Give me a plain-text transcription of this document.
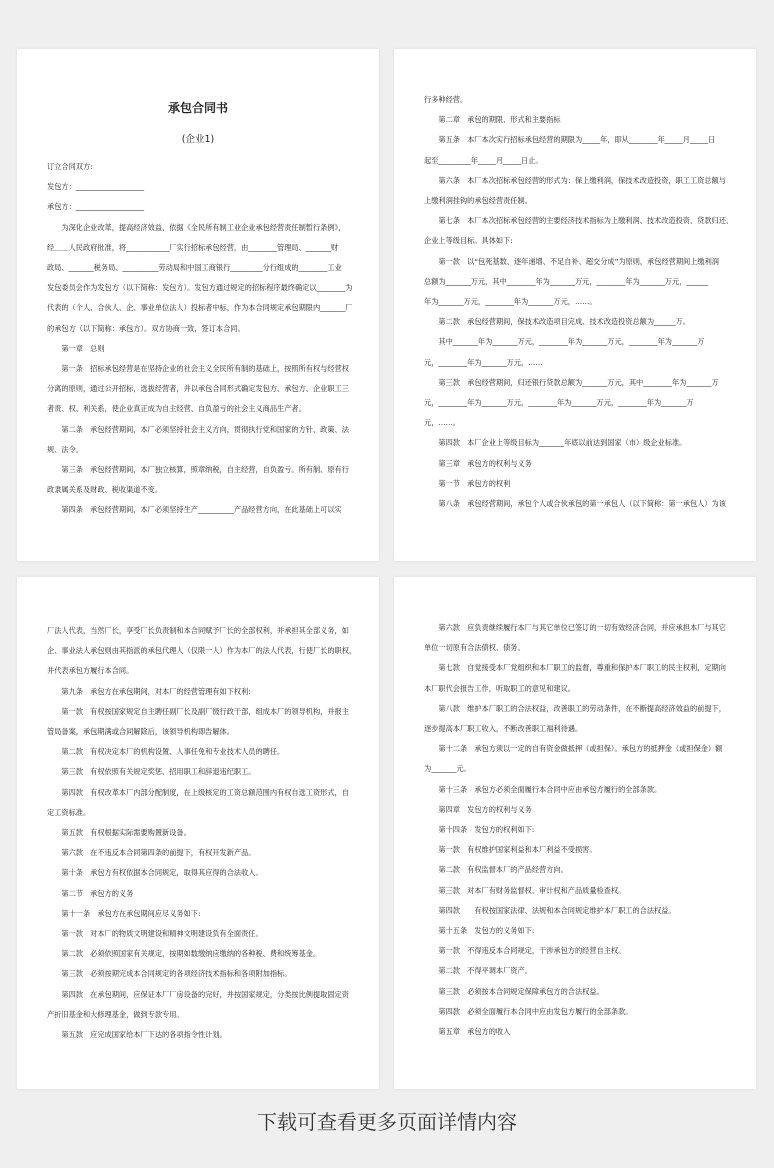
承包合同书
(企业1)
订立合同双方:
发包方：___________________
承包方：___________________
为深化企业改革，提高经济效益，依据《全民所有制工业企业承包经营责任制暂行条例》，
经＿＿人民政府批准，将____________厂实行招标承包经营，由________管理局、_______财
政局、_______税务局、__________劳动局和中国工商银行_________分行组成的________工业
发包委员会作为发包方（以下简称：发包方）。发包方通过规定的招标程序最终确定以________为
代表的（个人、合伙人、企、事业单位法人）投标者中标，作为本合同规定承包期限内_______厂
的承包方（以下简称：承包方）。双方协商一致，签订本合同。
第一章　总则
第一条　招标承包经营是在坚持企业的社会主义全民所有制的基础上，按照所有权与经营权
分离的原则，通过公开招标，选拔经营者，并以承包合同形式确定发包方、承包方、企业职工三
者责、权、利关系，使企业真正成为自主经营、自负盈亏的社会主义商品生产者。
第二条　承包经营期间，本厂必须坚持社会主义方向，贯彻执行党和国家的方针、政策、法
规、法令。
第三条　承包经营期间，本厂独立核算，照章纳税，自主经营，自负盈亏。所有制、原有行
政隶属关系及财政、税收渠道不变。
第四条　承包经营期间，本厂必须坚持生产__________产品经营方向，在此基础上可以实
行多种经营。
第二章　承包的期限、形式和主要指标
第五条　本厂本次实行招标承包经营的期限为_____年，即从________年_____月_____日
起至_________年_____月_____日止。
第六条　本厂本次招标承包经营的形式为：保上缴利润，保技术改造投资，职工工资总额与
上缴利润挂钩的承包经营责任制。
第七条　本厂本次招标承包经营的主要经济技术指标为上缴利润、技术改造投资、贷款归还、
企业上等级目标。具体如下:
第一款　以“包死基数、逐年递增、不足自补、超交分成”为原则，承包经营期间上缴利润
总额为_______万元，其中________年为_______万元，________年为_______万元，______
年为_______万元，________年为_______万元，……。
第二款　承包经营期间，保技术改造项目完成、技术改造投资总额为______万。
其中_______年为_______万元，________年为_______万元，________年为_______万
元，________年为_______万元，……
第三款　承包经营期间，归还银行贷款总额为_______万元，其中________年为_______万
元，________年为_______万元，________年为_______万元，________年为_______万
元，……。
第四款　本厂企业上等级目标为_______年底以前达到国家（市）级企业标准。
第三章　承包方的权利与义务
第一节　承包方的权利
第八条　承包经营期间，承包个人或合伙承包的第一承包人（以下简称：第一承包人）为该
厂法人代表，当然厂长，享受厂长负责制和本合同赋予厂长的全部权利，并承担其全部义务，如
企、事业法人承包则由其指派的承包代理人（仅限一人）作为本厂的法人代表，行使厂长的职权，
并代表承包方履行本合同。
第九条　承包方在承包期间，对本厂的经营管理有如下权利:
第一款　有权按国家规定自主聘任副厂长及副厂级行政干部，组成本厂的领导机构，并报主
管局备案，承包期满或合同解除后，该领导机构即告解体。
第二款　有权决定本厂的机构设置、人事任免和专业技术人员的聘任。
第三款　有权依照有关规定奖惩、招用职工和辞退违纪职工。
第四款　有权改革本厂内部分配制度，在上级核定的工资总额范围内有权自选工资形式，自
定工资标准。
第五款　有权根据实际需要购置新设备。
第六款　在不违反本合同第四条的前提下，有权开发新产品。
第十条　承包方有权依据本合同规定，取得其应得的合法收入。
第二节　承包方的义务
第十一条　承包方在承包期间应尽义务如下:
第一款　对本厂的物质文明建设和精神文明建设负有全面责任。
第二款　必须依照国家有关规定，按期如数缴纳应缴纳的各种税、费和统筹基金。
第三款　必须按期完成本合同规定的各项经济技术指标和各项附加指标。
第四款　在承包期间，应保证本厂厂房设备的完好，并按国家规定，分类按比例提取固定资
产折旧基金和大修理基金，做到专款专用。
第五款　应完成国家给本厂下达的各项指令性计划。
第六款　应负责继续履行本厂与其它单位已签订的一切有效经济合同，并应承担本厂与其它
单位一切原有合法债权、债务。
第七款　自觉接受本厂党组织和本厂职工的监督，尊重和保护本厂职工的民主权利，定期向
本厂职代会报告工作，听取职工的意见和建议。
第八款　维护本厂职工的合法权益，改善职工的劳动条件，在不断提高经济效益的前提下，
逐步提高本厂职工收入，不断改善职工福利待遇。
第十二条　承包方须以一定的自有资金做抵押（或担保）。承包方的抵押金（或担保金）额
为_______元。
第十三条　承包方必须全面履行本合同中应由承包方履行的全部条款。
第四章　发包方的权利与义务
第十四条　发包方的权利如下:
第一款　有权维护国家利益和本厂利益不受损害。
第二款　有权监督本厂的产品经营方向。
第三款　对本厂有财务监督权、审计权和产品质量检查权。
第四款　　有权按国家法律、法规和本合同规定维护本厂职工的合法权益。
第十五条　发包方的义务如下:
第一款　不得违反本合同规定，干涉承包方的经营自主权。
第二款　不得平调本厂资产。
第三款　必须按本合同规定保障承包方的合法权益。
第四款　必须全面履行本合同中应由发包方履行的全部条款。
第五章　承包方的收入
下载可查看更多页面详情内容
